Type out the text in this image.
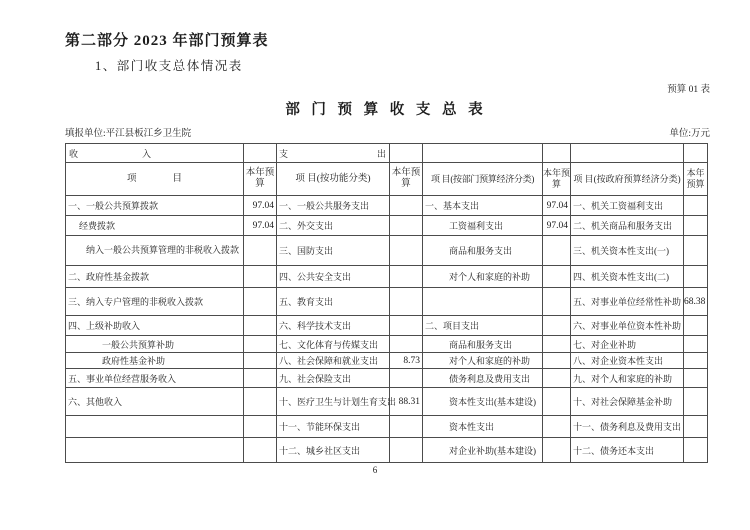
第二部分 2023 年部门预算表
1、部门收支总体情况表
预算 01 表
部 门 预 算 收 支 总 表
填报单位:平江县板江乡卫生院	单位:万元
收 入		支 出					

项 目	本年预算	项 目(按功能分类)	本年预算	项 目(按部门预算经济分类)	本年预算	项 目(按政府预算经济分类)	本年预算
一、一般公共预算拨款	97.04	一、一般公共服务支出		一、基本支出	97.04	一、机关工资福利支出	
经费拨款	97.04	二、外交支出		工资福利支出	97.04	二、机关商品和服务支出	
纳入一般公共预算管理的非税收入拨款		三、国防支出		商品和服务支出		三、机关资本性支出(一)	
二、政府性基金拨款		四、公共安全支出		对个人和家庭的补助		四、机关资本性支出(二)	
三、纳入专户管理的非税收入拨款		五、教育支出				五、对事业单位经常性补助	68.38
四、上级补助收入		六、科学技术支出		二、项目支出		六、对事业单位资本性补助	
一般公共预算补助		七、文化体育与传媒支出		商品和服务支出		七、对企业补助	
政府性基金补助		八、社会保障和就业支出	8.73	对个人和家庭的补助		八、对企业资本性支出	
五、事业单位经营服务收入		九、社会保险支出		债务利息及费用支出		九、对个人和家庭的补助	
六、其他收入		十、医疗卫生与计划生育支出	88.31	资本性支出(基本建设)		十、对社会保障基金补助	
		十一、节能环保支出		资本性支出		十一、债务利息及费用支出	
		十二、城乡社区支出		对企业补助(基本建设)		十二、债务还本支出	
6
